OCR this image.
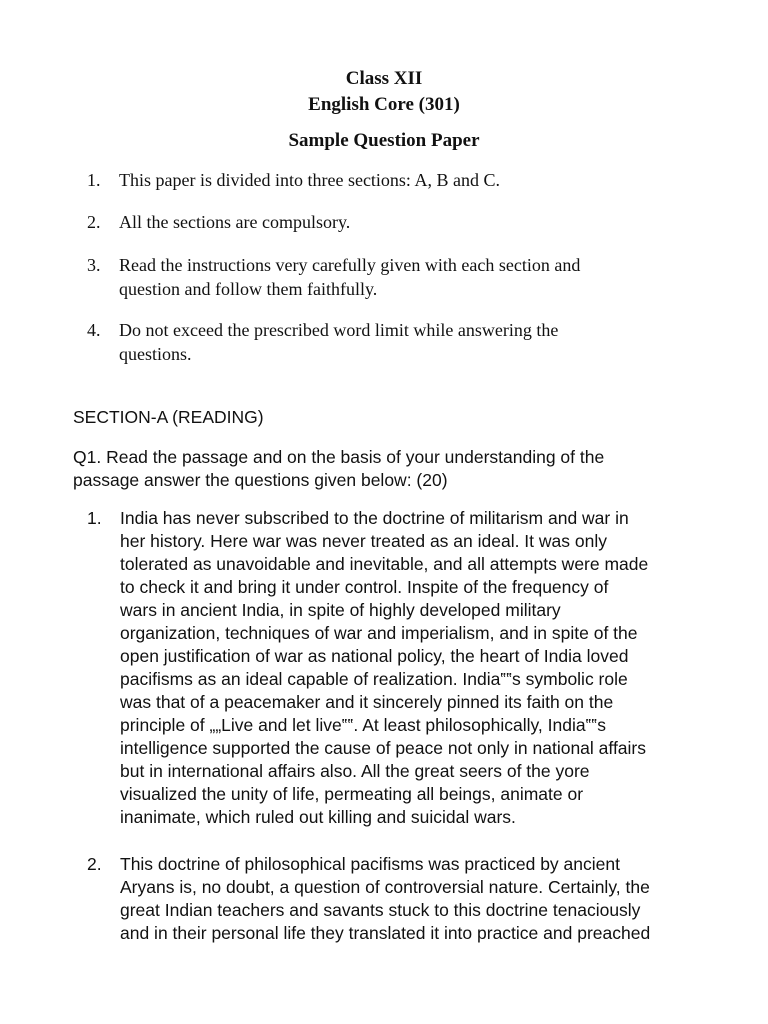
Class XII
English Core (301)
Sample Question Paper
1.	This paper is divided into three sections: A, B and C.
2.	All the sections are compulsory.
3.	Read the instructions very carefully given with each section and
question and follow them faithfully.
4.	Do not exceed the prescribed word limit while answering the
questions.
SECTION-A (READING)
Q1. Read the passage and on the basis of your understanding of the
passage answer the questions given below: (20)
1. India has never subscribed to the doctrine of militarism and war in
her history. Here war was never treated as an ideal. It was only
tolerated as unavoidable and inevitable, and all attempts were made
to check it and bring it under control. Inspite of the frequency of
wars in ancient India, in spite of highly developed military
organization, techniques of war and imperialism, and in spite of the
open justification of war as national policy, the heart of India loved
pacifisms as an ideal capable of realization. India‟‟s symbolic role
was that of a peacemaker and it sincerely pinned its faith on the
principle of „„Live and let live‟‟. At least philosophically, India‟‟s
intelligence supported the cause of peace not only in national affairs
but in international affairs also. All the great seers of the yore
visualized the unity of life, permeating all beings, animate or
inanimate, which ruled out killing and suicidal wars.
2. This doctrine of philosophical pacifisms was practiced by ancient
Aryans is, no doubt, a question of controversial nature. Certainly, the
great Indian teachers and savants stuck to this doctrine tenaciously
and in their personal life they translated it into practice and preached
